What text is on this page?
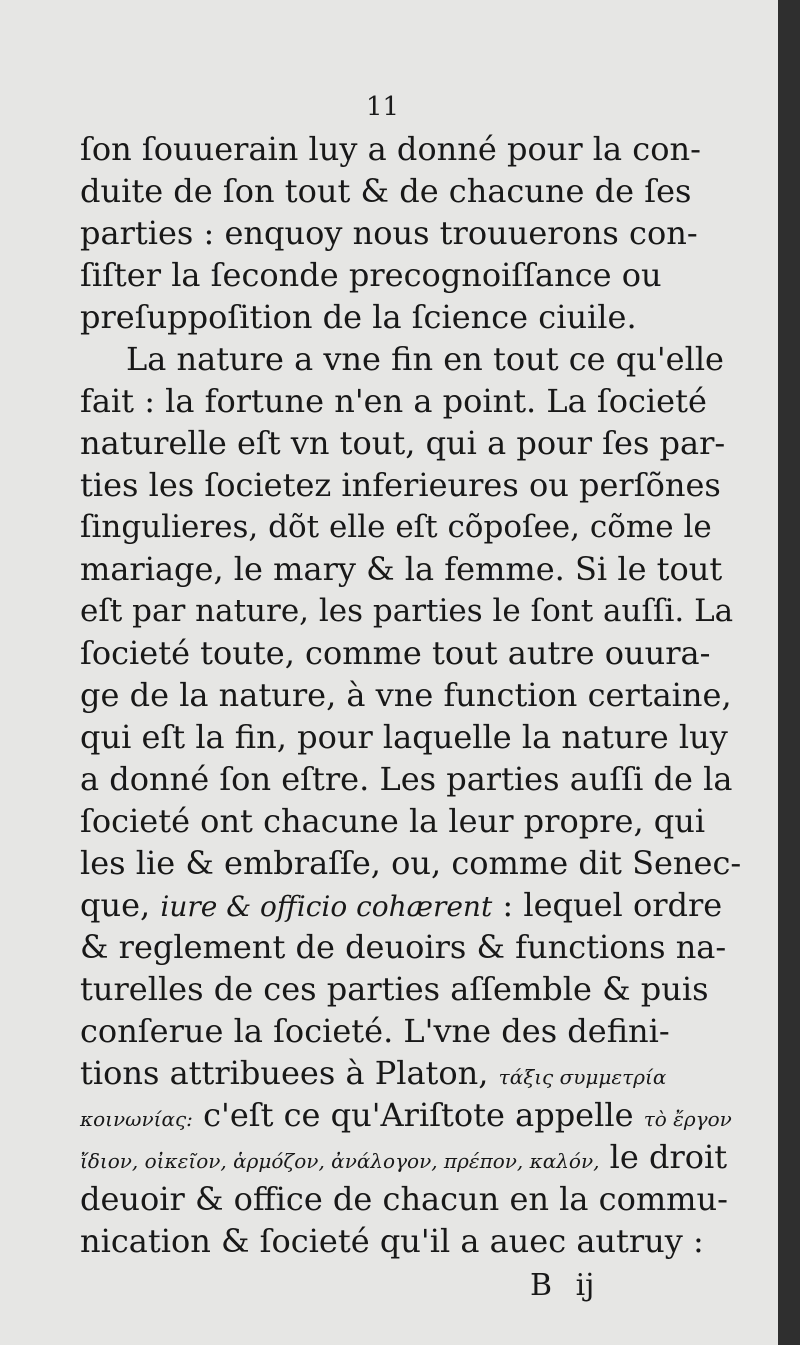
11
ſon ſouuerain luy a donné pour la con-
duite de ſon tout & de chacune de ſes
parties : enquoy nous trouuerons con-
ſiſter la ſeconde precognoiſſance ou
preſuppoſition de la ſcience ciuile.
La nature a vne fin en tout ce qu'elle
fait : la fortune n'en a point. La ſocieté
naturelle eſt vn tout, qui a pour ſes par-
ties les ſocietez inferieures ou perſõnes
ſingulieres, dõt elle eſt cõpoſee, cõme le
mariage, le mary & la femme. Si le tout
eſt par nature, les parties le ſont auſſi. La
ſocieté toute, comme tout autre ouura-
ge de la nature, à vne function certaine,
qui eſt la fin, pour laquelle la nature luy
a donné ſon eſtre. Les parties auſſi de la
ſocieté ont chacune la leur propre, qui
les lie & embraſſe, ou, comme dit Senec-
que, iure & officio cohærent : lequel ordre
& reglement de deuoirs & functions na-
turelles de ces parties aſſemble & puis
conſerue la ſocieté. L'vne des defini-
tions attribuees à Platon, τάξις συμμετρία
κοινωνίας: c'eſt ce qu'Ariſtote appelle τὸ ἔργον
ἴδιον, οἰκεῖον, ἁρμόζον, ἀνάλογον, πρέπον, καλόν, le droit
deuoir & office de chacun en la commu-
nication & ſocieté qu'il a auec autruy :
B ij
